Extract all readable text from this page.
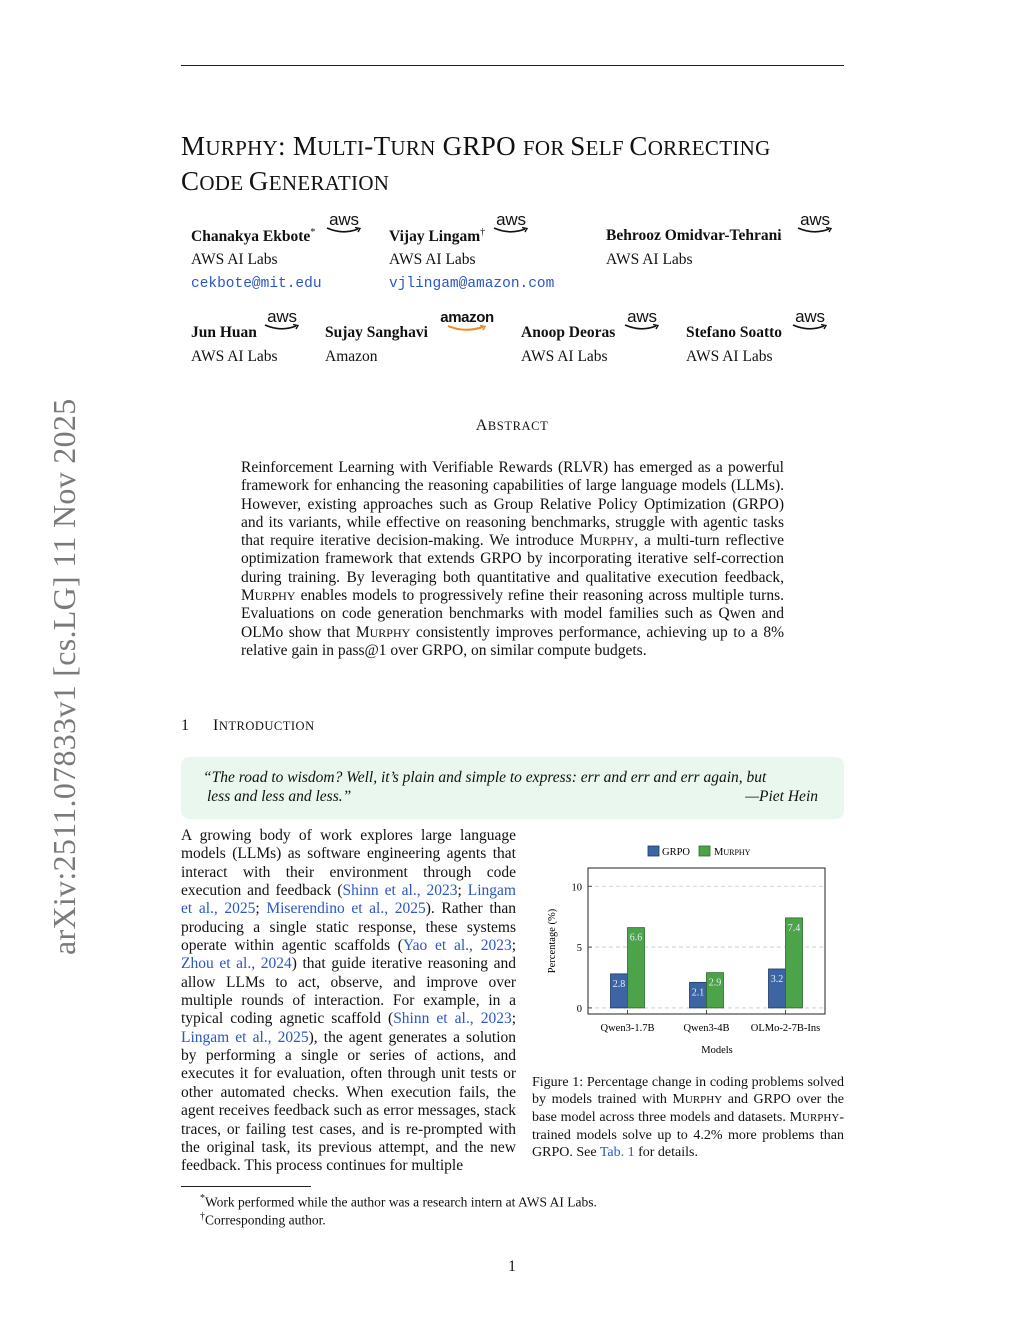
arXiv:2511.07833v1 [cs.LG] 11 Nov 2025
MURPHY: MULTI-TURN GRPO FOR SELF CORRECTING
CODE GENERATION
Chanakya Ekbote*
aws
AWS AI Labs
cekbote@mit.edu
Vijay Lingam†
aws
AWS AI Labs
vjlingam@amazon.com
Behrooz Omidvar-Tehrani
aws
AWS AI Labs
Jun Huan
aws
AWS AI Labs
Sujay Sanghavi
amazon
Amazon
Anoop Deoras
aws
AWS AI Labs
Stefano Soatto
aws
AWS AI Labs
ABSTRACT
Reinforcement Learning with Verifiable Rewards (RLVR) has emerged as a powerful framework for enhancing the reasoning capabilities of large language models (LLMs). However, existing approaches such as Group Relative Policy Optimization (GRPO) and its variants, while effective on reasoning benchmarks, struggle with agentic tasks that require iterative decision-making. We introduce MURPHY, a multi-turn reflective optimization framework that extends GRPO by incorporating iterative self-correction during training. By leveraging both quantitative and qualitative execution feedback, MURPHY enables models to progressively refine their reasoning across multiple turns. Evaluations on code generation benchmarks with model families such as Qwen and OLMo show that MURPHY consistently improves performance, achieving up to a 8% relative gain in pass@1 over GRPO, on similar compute budgets.
1 INTRODUCTION
“The road to wisdom? Well, it’s plain and simple to express: err and err and err again, but
less and less and less.”	—Piet Hein
A growing body of work explores large language models (LLMs) as software engineering agents that interact with their environment through code execution and feedback (Shinn et al., 2023; Lingam et al., 2025; Miserendino et al., 2025). Rather than producing a single static response, these systems operate within agentic scaffolds (Yao et al., 2023; Zhou et al., 2024) that guide iterative reasoning and allow LLMs to act, observe, and improve over multiple rounds of interaction. For example, in a typical coding agnetic scaffold (Shinn et al., 2023; Lingam et al., 2025), the agent generates a solution by performing a single or series of actions, and executes it for evaluation, often through unit tests or other automated checks. When execution fails, the agent receives feedback such as error messages, stack traces, or failing test cases, and is re-prompted with the original task, its previous attempt, and the new feedback. This process continues for multiple
GRPO MURPHY
0
5
10
2.8
6.6
2.1
2.9	3.2
7.4
Qwen3-1.7B	Qwen3-4B OLMo-2-7B-Ins
Models
Percentage (%)
Figure 1: Percentage change in coding problems solved by models trained with MURPHY and GRPO over the base model across three models and datasets. MURPHY-trained models solve up to 4.2% more problems than GRPO. See Tab. 1 for details.
*Work performed while the author was a research intern at AWS AI Labs.
†Corresponding author.
1
